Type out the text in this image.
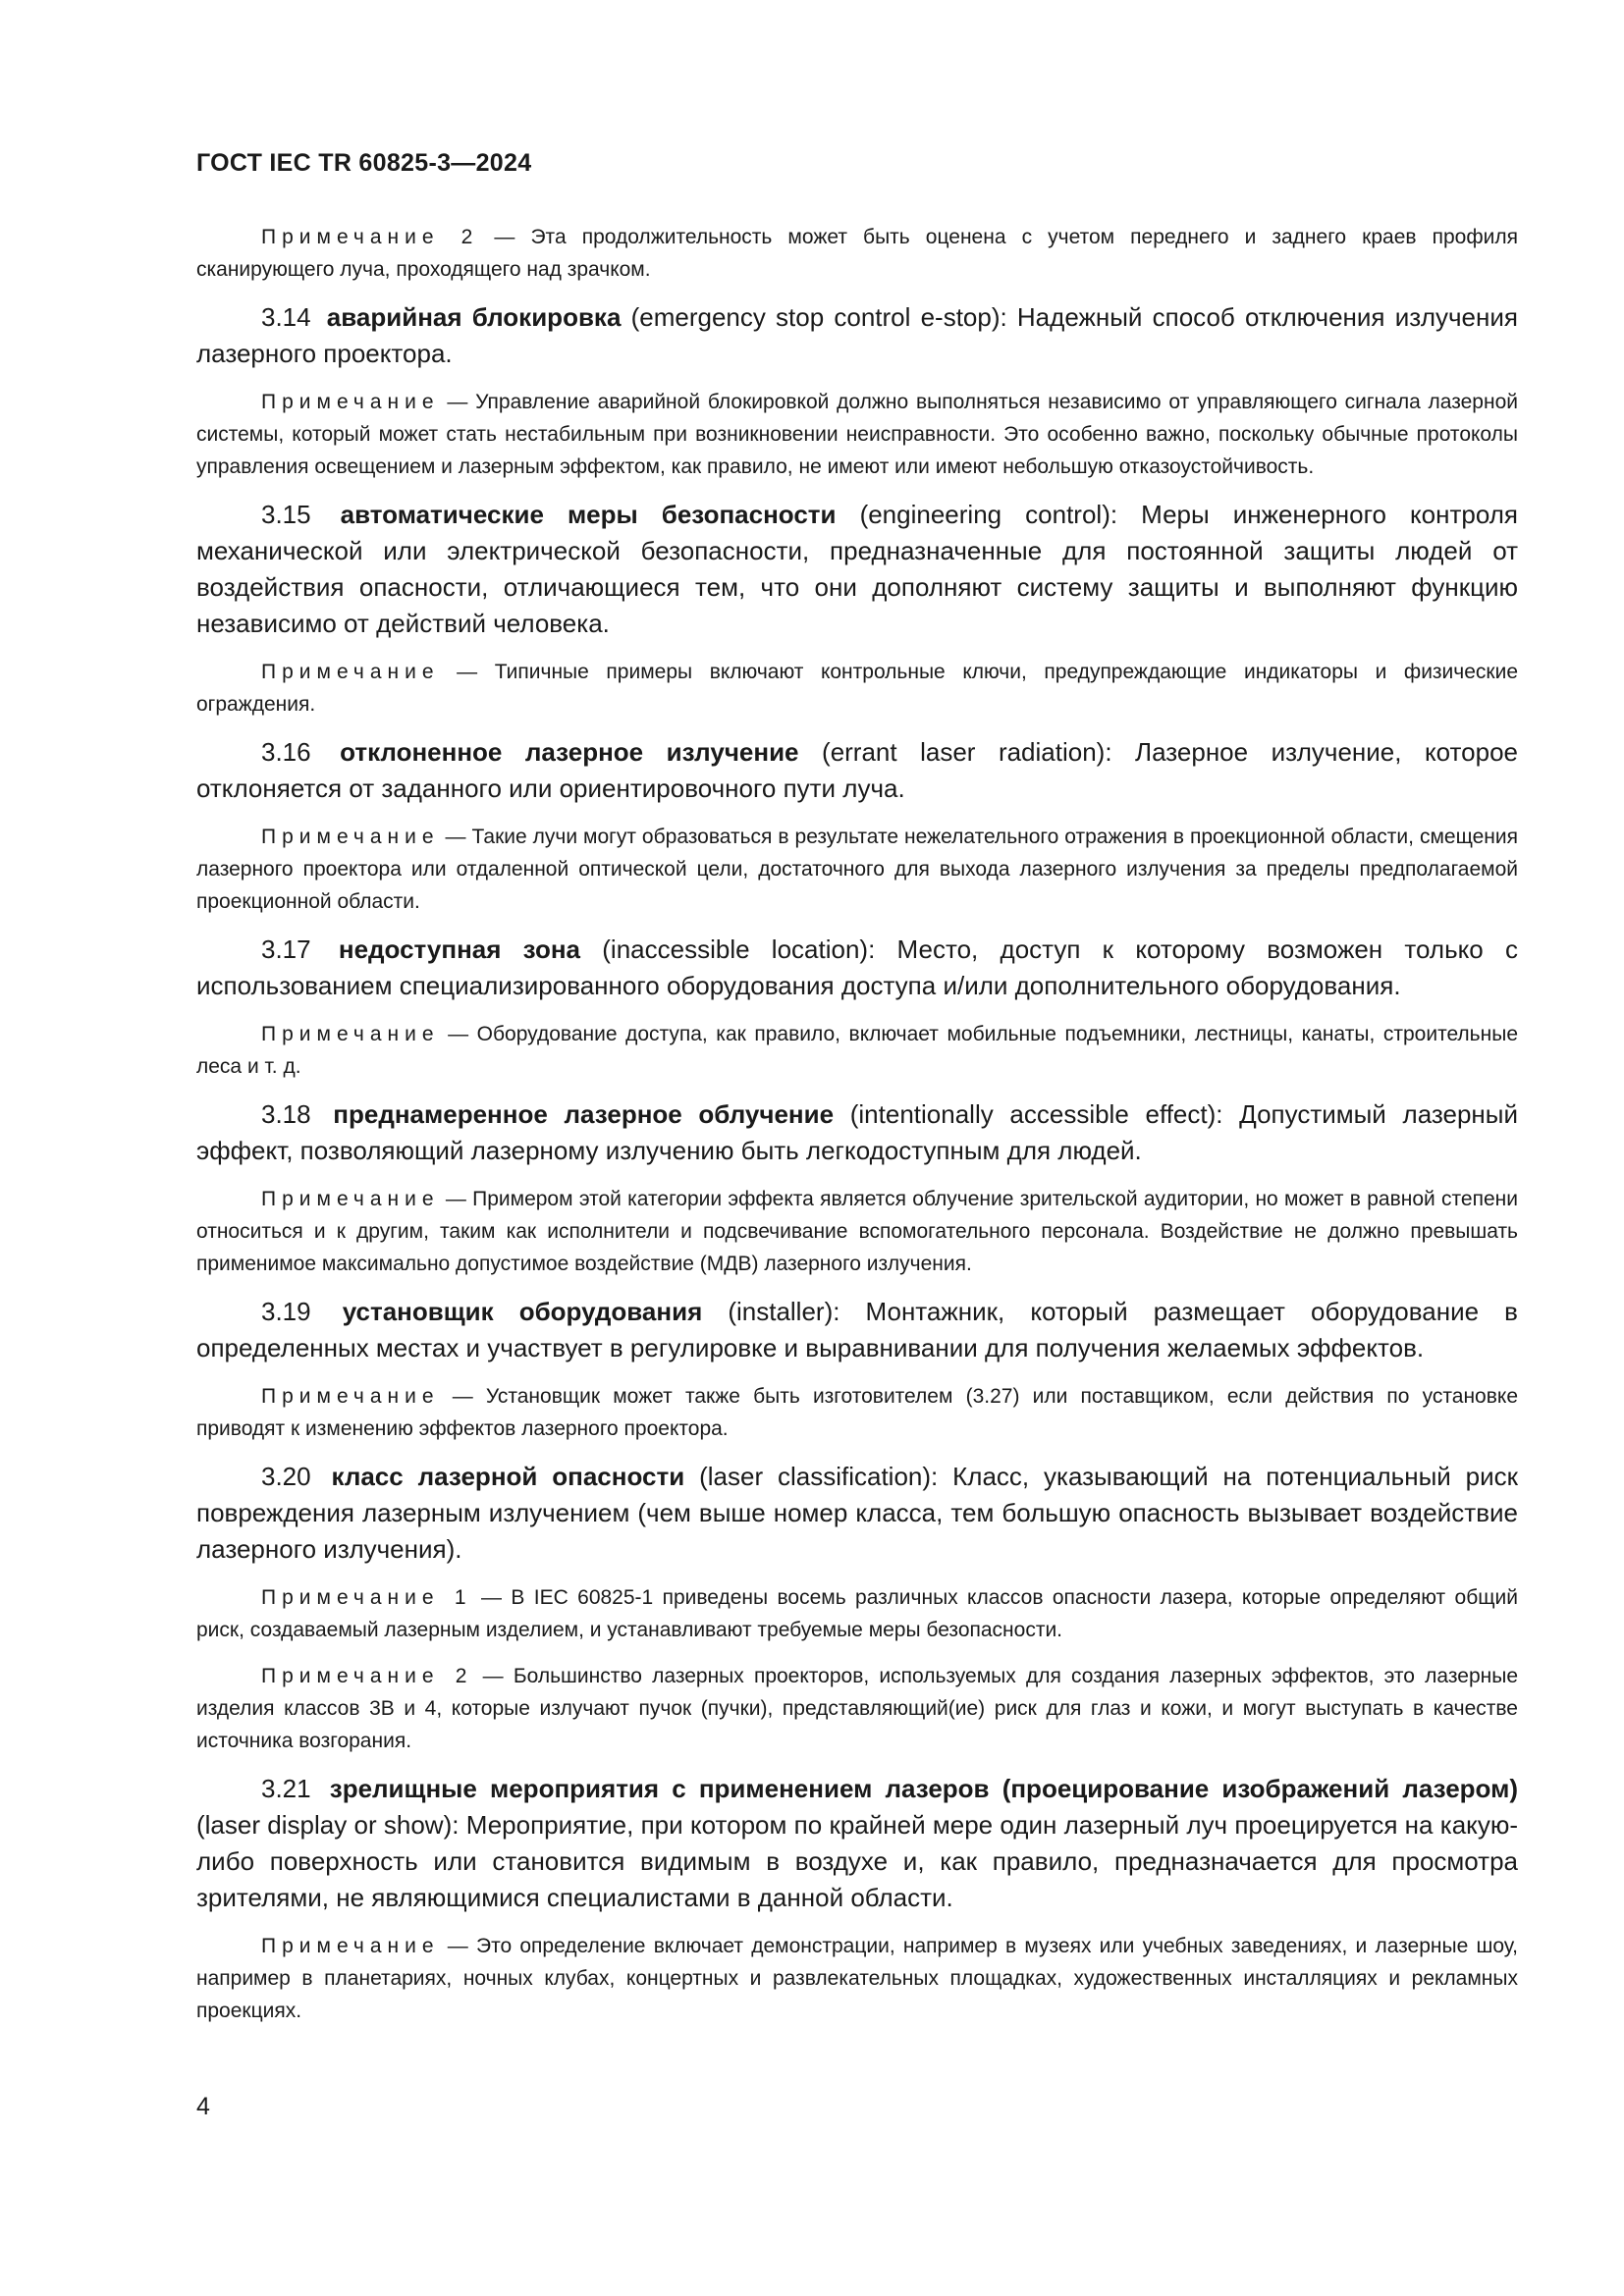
ГОСТ IEC TR 60825-3—2024
Примечание 2 — Эта продолжительность может быть оценена с учетом переднего и заднего краев профиля сканирующего луча, проходящего над зрачком.
3.14 аварийная блокировка (emergency stop control e-stop): Надежный способ отключения излучения лазерного проектора.
Примечание — Управление аварийной блокировкой должно выполняться независимо от управляющего сигнала лазерной системы, который может стать нестабильным при возникновении неисправности. Это особенно важно, поскольку обычные протоколы управления освещением и лазерным эффектом, как правило, не имеют или имеют небольшую отказоустойчивость.
3.15 автоматические меры безопасности (engineering control): Меры инженерного контроля механической или электрической безопасности, предназначенные для постоянной защиты людей от воздействия опасности, отличающиеся тем, что они дополняют систему защиты и выполняют функцию независимо от действий человека.
Примечание — Типичные примеры включают контрольные ключи, предупреждающие индикаторы и физические ограждения.
3.16 отклоненное лазерное излучение (errant laser radiation): Лазерное излучение, которое отклоняется от заданного или ориентировочного пути луча.
Примечание — Такие лучи могут образоваться в результате нежелательного отражения в проекционной области, смещения лазерного проектора или отдаленной оптической цели, достаточного для выхода лазерного излучения за пределы предполагаемой проекционной области.
3.17 недоступная зона (inaccessible location): Место, доступ к которому возможен только с использованием специализированного оборудования доступа и/или дополнительного оборудования.
Примечание — Оборудование доступа, как правило, включает мобильные подъемники, лестницы, канаты, строительные леса и т. д.
3.18 преднамеренное лазерное облучение (intentionally accessible effect): Допустимый лазерный эффект, позволяющий лазерному излучению быть легкодоступным для людей.
Примечание — Примером этой категории эффекта является облучение зрительской аудитории, но может в равной степени относиться и к другим, таким как исполнители и подсвечивание вспомогательного персонала. Воздействие не должно превышать применимое максимально допустимое воздействие (МДВ) лазерного излучения.
3.19 установщик оборудования (installer): Монтажник, который размещает оборудование в определенных местах и участвует в регулировке и выравнивании для получения желаемых эффектов.
Примечание — Установщик может также быть изготовителем (3.27) или поставщиком, если действия по установке приводят к изменению эффектов лазерного проектора.
3.20 класс лазерной опасности (laser classification): Класс, указывающий на потенциальный риск повреждения лазерным излучением (чем выше номер класса, тем большую опасность вызывает воздействие лазерного излучения).
Примечание 1 — В IEC 60825-1 приведены восемь различных классов опасности лазера, которые определяют общий риск, создаваемый лазерным изделием, и устанавливают требуемые меры безопасности.
Примечание 2 — Большинство лазерных проекторов, используемых для создания лазерных эффектов, это лазерные изделия классов 3В и 4, которые излучают пучок (пучки), представляющий(ие) риск для глаз и кожи, и могут выступать в качестве источника возгорания.
3.21 зрелищные мероприятия с применением лазеров (проецирование изображений лазером) (laser display or show): Мероприятие, при котором по крайней мере один лазерный луч проецируется на какую-либо поверхность или становится видимым в воздухе и, как правило, предназначается для просмотра зрителями, не являющимися специалистами в данной области.
Примечание — Это определение включает демонстрации, например в музеях или учебных заведениях, и лазерные шоу, например в планетариях, ночных клубах, концертных и развлекательных площадках, художественных инсталляциях и рекламных проекциях.
4
